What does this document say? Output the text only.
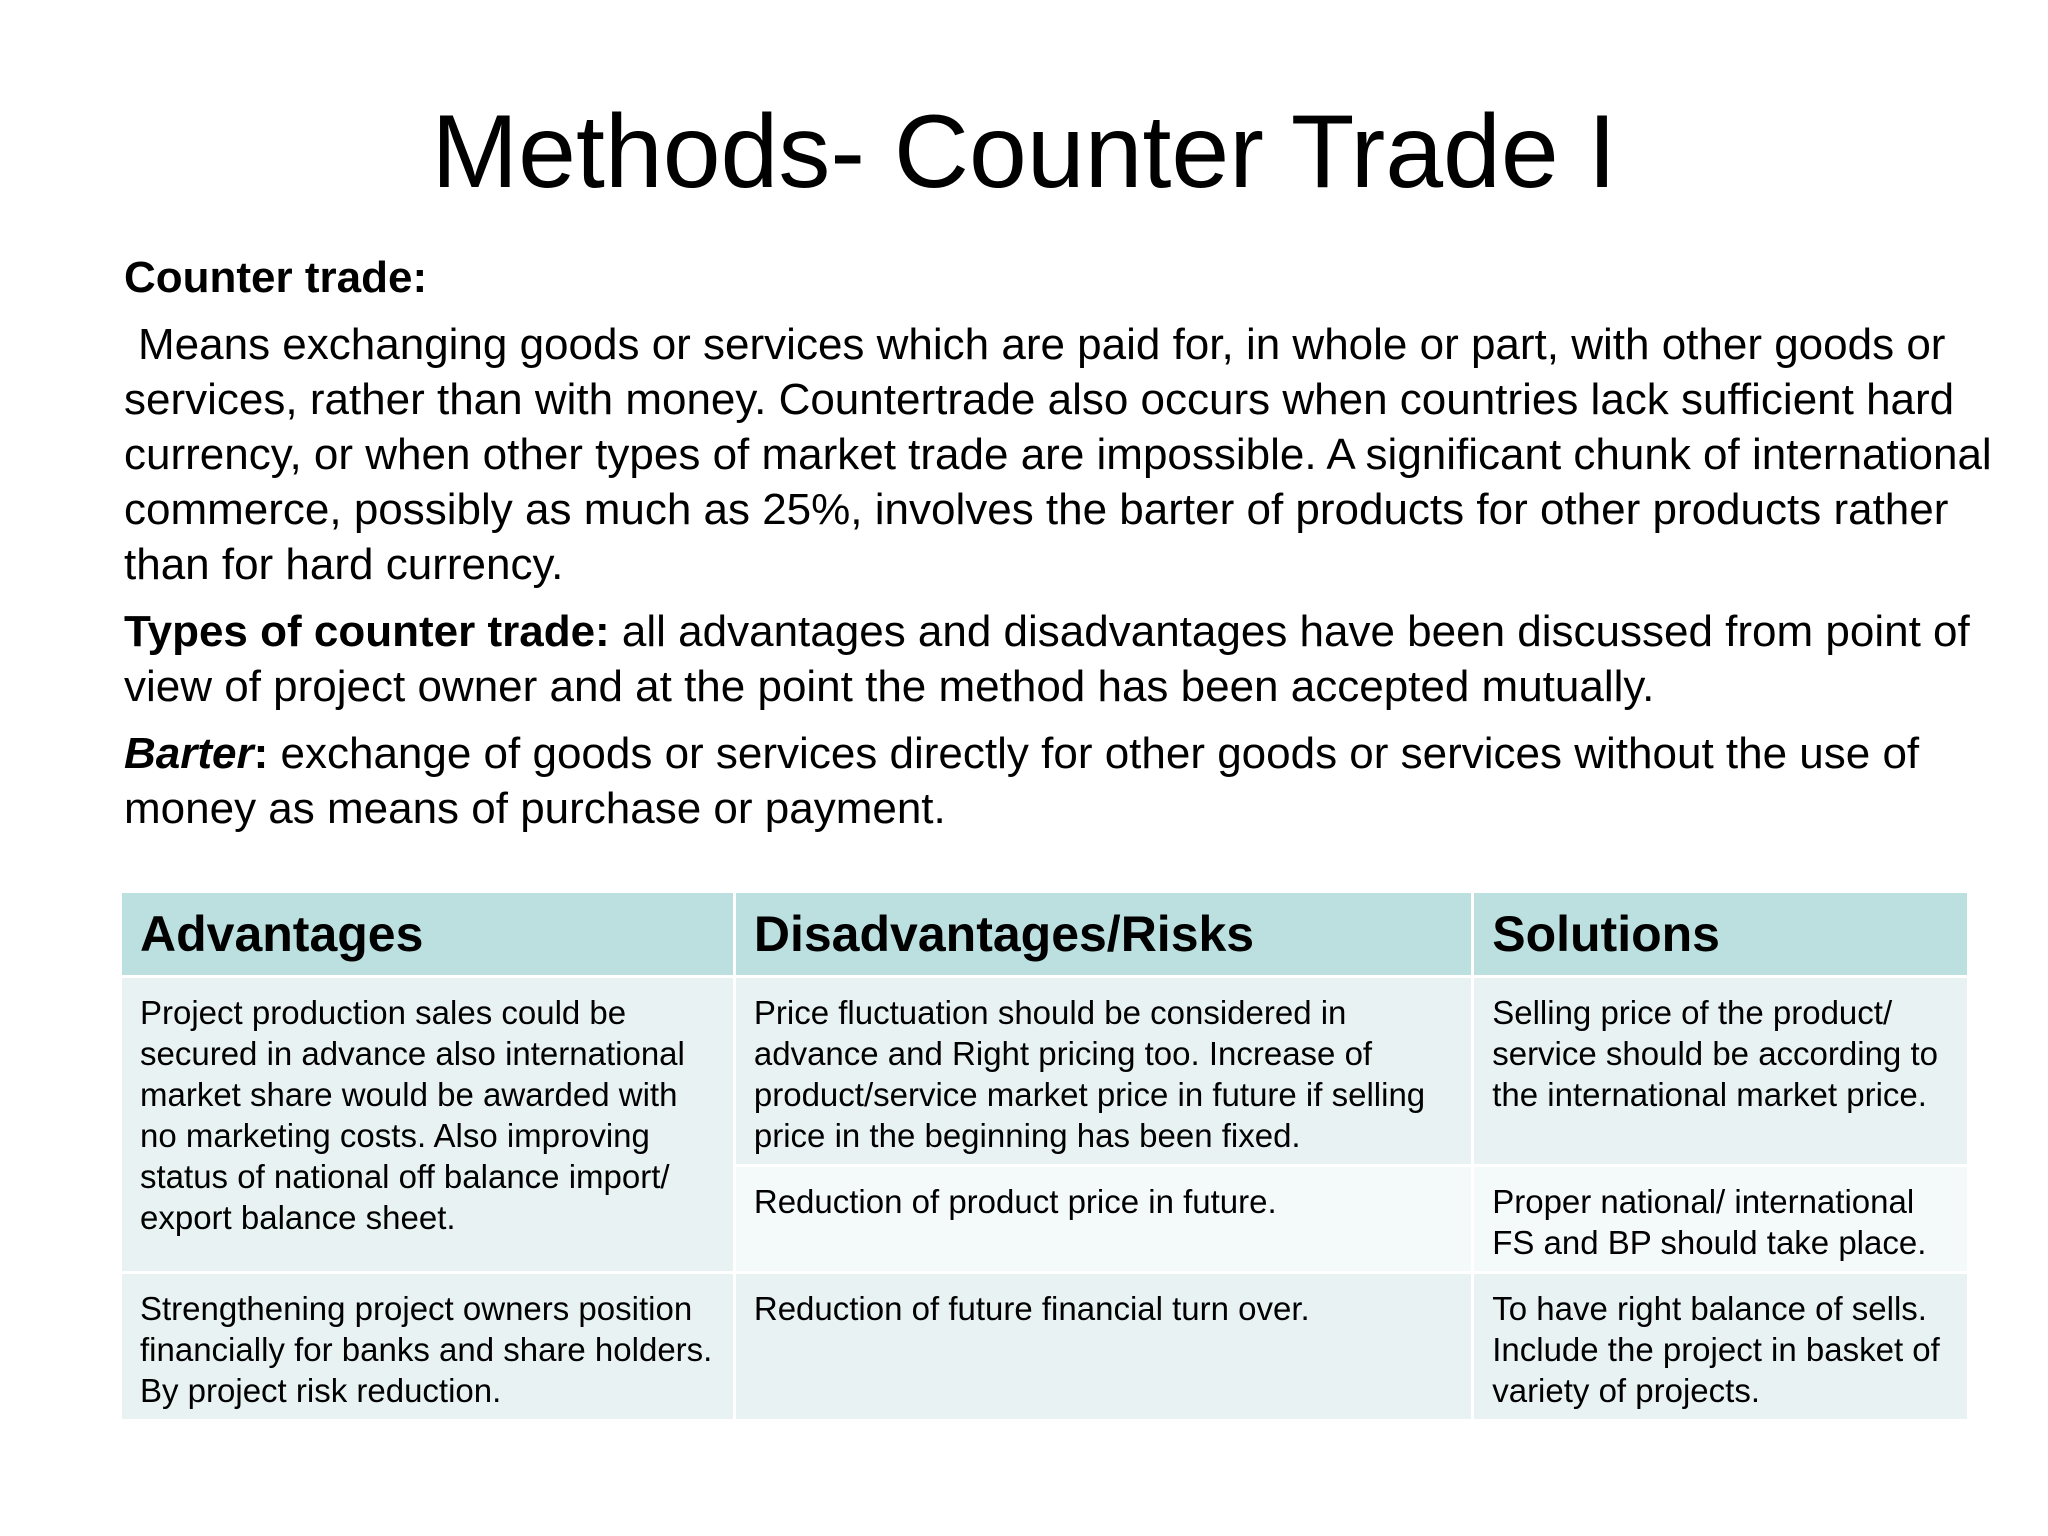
Methods- Counter Trade I

Counter trade:

Means exchanging goods or services which are paid for, in whole or part, with other goods or services, rather than with money. Countertrade also occurs when countries lack sufficient hard currency, or when other types of market trade are impossible. A significant chunk of international commerce, possibly as much as 25%, involves the barter of products for other products rather than for hard currency.

Types of counter trade: all advantages and disadvantages have been discussed from point of view of project owner and at the point the method has been accepted mutually.

Barter: exchange of goods or services directly for other goods or services without the use of money as means of purchase or payment.

Advantages	Disadvantages/Risks	Solutions
Project production sales could be secured in advance also international market share would be awarded with no marketing costs. Also improving status of national off balance import/ export balance sheet.	Price fluctuation should be considered in advance and Right pricing too. Increase of product/service market price in future if selling price in the beginning has been fixed.	Selling price of the product/ service should be according to the international market price.
	Reduction of product price in future.	Proper national/ international FS and BP should take place.
Strengthening project owners position financially for banks and share holders. By project risk reduction.	Reduction of future financial turn over.	To have right balance of sells. Include the project in basket of variety of projects.
